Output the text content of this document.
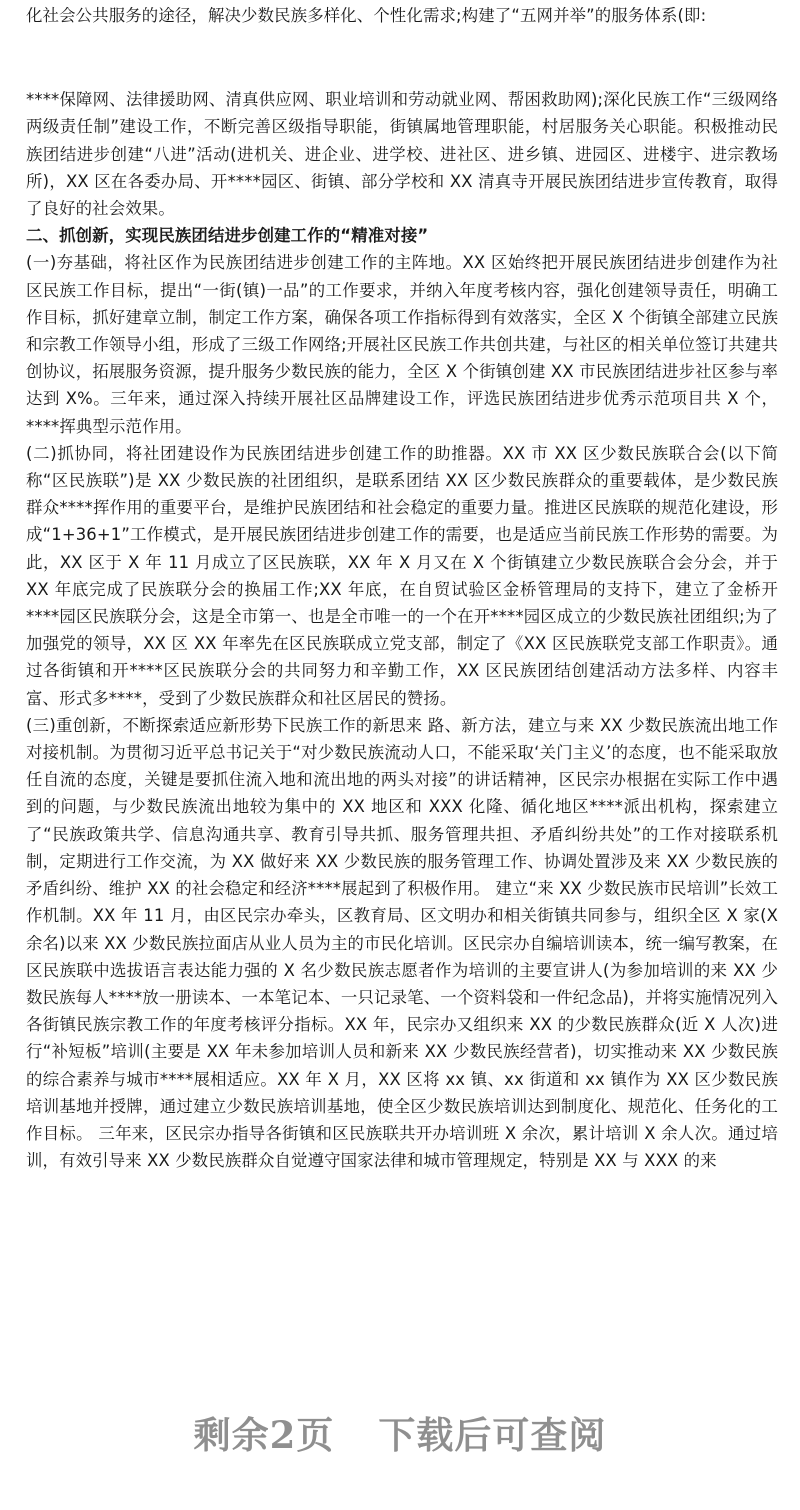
化社会公共服务的途径，解决少数民族多样化、个性化需求;构建了“五网并举”的服务体系(即:

****保障网、法律援助网、清真供应网、职业培训和劳动就业网、帮困救助网);深化民族工作“三级网络两级责任制”建设工作，不断完善区级指导职能，街镇属地管理职能，村居服务关心职能。积极推动民族团结进步创建“八进”活动(进机关、进企业、进学校、进社区、进乡镇、进园区、进楼宇、进宗教场所)，XX 区在各委办局、开****园区、街镇、部分学校和 XX 清真寺开展民族团结进步宣传教育，取得了良好的社会效果。

二、抓创新，实现民族团结进步创建工作的“精准对接”

(一)夯基础，将社区作为民族团结进步创建工作的主阵地。XX 区始终把开展民族团结进步创建作为社区民族工作目标，提出“一街(镇)一品”的工作要求，并纳入年度考核内容，强化创建领导责任，明确工作目标，抓好建章立制，制定工作方案，确保各项工作指标得到有效落实，全区 X 个街镇全部建立民族和宗教工作领导小组，形成了三级工作网络;开展社区民族工作共创共建，与社区的相关单位签订共建共创协议，拓展服务资源，提升服务少数民族的能力，全区 X 个街镇创建 XX 市民族团结进步社区参与率达到 X%。三年来，通过深入持续开展社区品牌建设工作，评选民族团结进步优秀示范项目共 X 个，****挥典型示范作用。

(二)抓协同，将社团建设作为民族团结进步创建工作的助推器。XX 市 XX 区少数民族联合会(以下简称“区民族联”)是 XX 少数民族的社团组织，是联系团结 XX 区少数民族群众的重要载体，是少数民族群众****挥作用的重要平台，是维护民族团结和社会稳定的重要力量。推进区民族联的规范化建设，形成“1+36+1”工作模式，是开展民族团结进步创建工作的需要，也是适应当前民族工作形势的需要。为此，XX 区于 X 年 11 月成立了区民族联，XX 年 X 月又在 X 个街镇建立少数民族联合会分会，并于 XX 年底完成了民族联分会的换届工作;XX 年底，在自贸试验区金桥管理局的支持下，建立了金桥开****园区民族联分会，这是全市第一、也是全市唯一的一个在开****园区成立的少数民族社团组织;为了加强党的领导，XX 区 XX 年率先在区民族联成立党支部，制定了《XX 区民族联党支部工作职责》。通过各街镇和开****区民族联分会的共同努力和辛勤工作，XX 区民族团结创建活动方法多样、内容丰富、形式多****，受到了少数民族群众和社区居民的赞扬。

(三)重创新，不断探索适应新形势下民族工作的新思来 路、新方法，建立与来 XX 少数民族流出地工作对接机制。为贯彻习近平总书记关于“对少数民族流动人口，不能采取‘关门主义’的态度，也不能采取放任自流的态度，关键是要抓住流入地和流出地的两头对接”的讲话精神，区民宗办根据在实际工作中遇到的问题，与少数民族流出地较为集中的 XX 地区和 XXX 化隆、循化地区****派出机构，探索建立了“民族政策共学、信息沟通共享、教育引导共抓、服务管理共担、矛盾纠纷共处”的工作对接联系机制，定期进行工作交流，为 XX 做好来 XX 少数民族的服务管理工作、协调处置涉及来 XX 少数民族的矛盾纠纷、维护 XX 的社会稳定和经济****展起到了积极作用。 建立“来 XX 少数民族市民培训”长效工作机制。XX 年 11 月，由区民宗办牵头，区教育局、区文明办和相关街镇共同参与，组织全区 X 家(X 余名)以来 XX 少数民族拉面店从业人员为主的市民化培训。区民宗办自编培训读本，统一编写教案，在区民族联中选拔语言表达能力强的 X 名少数民族志愿者作为培训的主要宣讲人(为参加培训的来 XX 少数民族每人****放一册读本、一本笔记本、一只记录笔、一个资料袋和一件纪念品)，并将实施情况列入各街镇民族宗教工作的年度考核评分指标。XX 年，民宗办又组织来 XX 的少数民族群众(近 X 人次)进行“补短板”培训(主要是 XX 年未参加培训人员和新来 XX 少数民族经营者)，切实推动来 XX 少数民族的综合素养与城市****展相适应。XX 年 X 月，XX 区将 xx 镇、xx 街道和 xx 镇作为 XX 区少数民族培训基地并授牌，通过建立少数民族培训基地，使全区少数民族培训达到制度化、规范化、任务化的工作目标。 三年来，区民宗办指导各街镇和区民族联共开办培训班 X 余次，累计培训 X 余人次。通过培训，有效引导来 XX 少数民族群众自觉遵守国家法律和城市管理规定，特别是 XX 与 XXX 的来

剩余2页 下载后可查阅
